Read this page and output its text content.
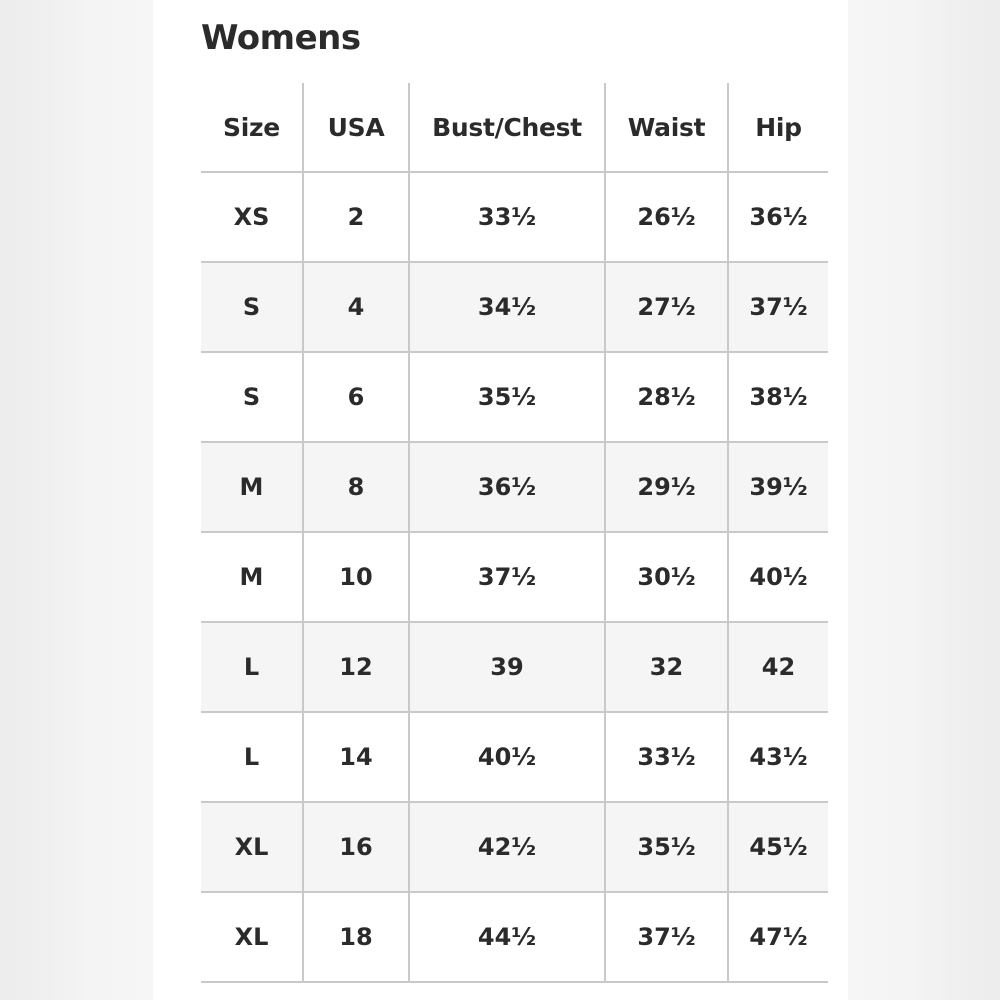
Womens
Size	USA	Bust/Chest	Waist	Hip
XS	2	33½	26½	36½
S	4	34½	27½	37½
S	6	35½	28½	38½
M	8	36½	29½	39½
M	10	37½	30½	40½
L	12	39	32	42
L	14	40½	33½	43½
XL	16	42½	35½	45½
XL	18	44½	37½	47½
